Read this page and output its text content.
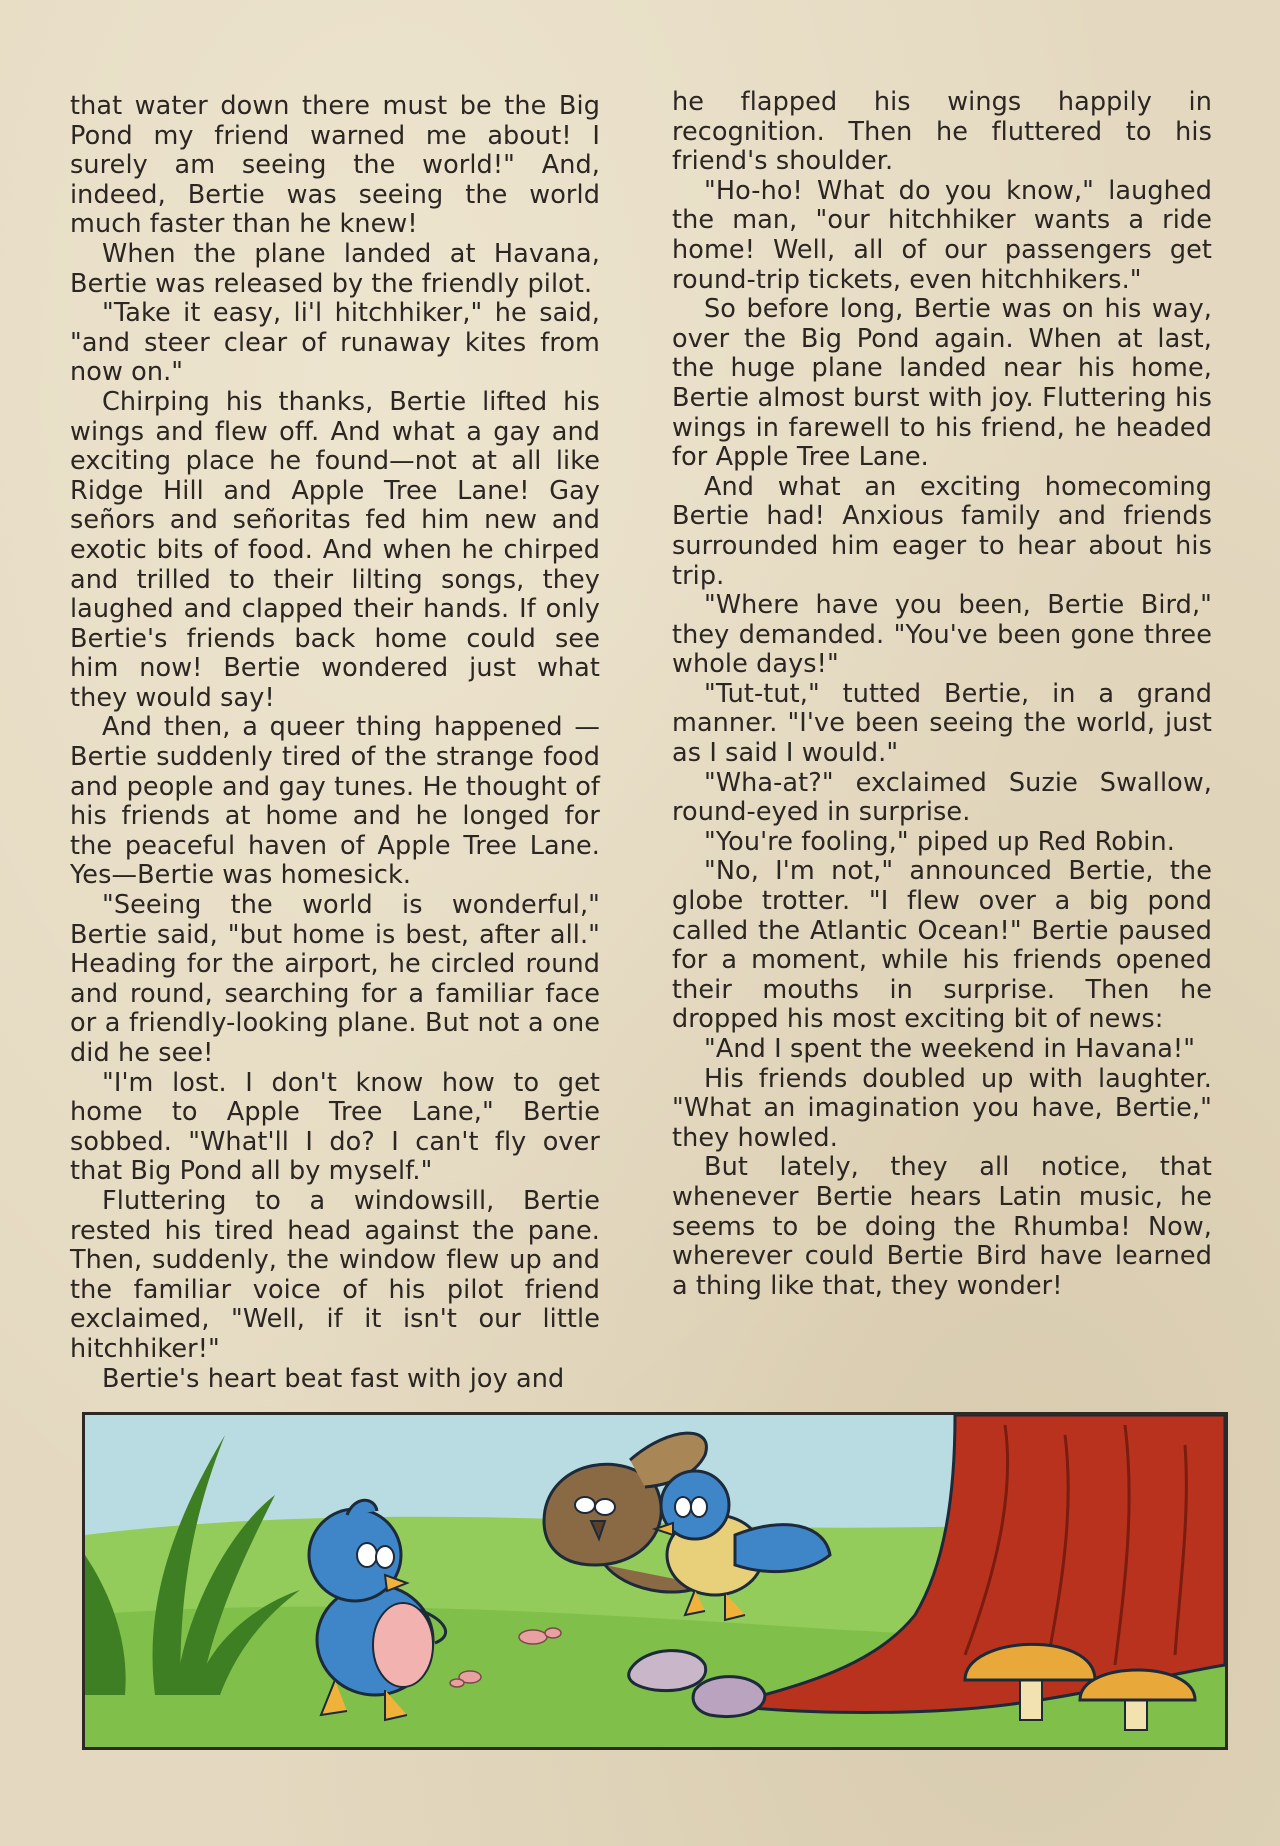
that water down there must be the Big Pond my friend warned me about! I surely am seeing the world!" And, indeed, Bertie was seeing the world much faster than he knew!

When the plane landed at Havana, Bertie was released by the friendly pilot.

"Take it easy, li'l hitchhiker," he said, "and steer clear of runaway kites from now on."

Chirping his thanks, Bertie lifted his wings and flew off. And what a gay and exciting place he found—not at all like Ridge Hill and Apple Tree Lane! Gay señors and señoritas fed him new and exotic bits of food. And when he chirped and trilled to their lilting songs, they laughed and clapped their hands. If only Bertie's friends back home could see him now! Bertie wondered just what they would say!

And then, a queer thing happened —Bertie suddenly tired of the strange food and people and gay tunes. He thought of his friends at home and he longed for the peaceful haven of Apple Tree Lane. Yes—Bertie was homesick.

"Seeing the world is wonderful," Bertie said, "but home is best, after all." Heading for the airport, he circled round and round, searching for a familiar face or a friendly-looking plane. But not a one did he see!

"I'm lost. I don't know how to get home to Apple Tree Lane," Bertie sobbed. "What'll I do? I can't fly over that Big Pond all by myself."

Fluttering to a windowsill, Bertie rested his tired head against the pane. Then, suddenly, the window flew up and the familiar voice of his pilot friend exclaimed, "Well, if it isn't our little hitchhiker!"

Bertie's heart beat fast with joy and

he flapped his wings happily in recognition. Then he fluttered to his friend's shoulder.

"Ho-ho! What do you know," laughed the man, "our hitchhiker wants a ride home! Well, all of our passengers get round-trip tickets, even hitchhikers."

So before long, Bertie was on his way, over the Big Pond again. When at last, the huge plane landed near his home, Bertie almost burst with joy. Fluttering his wings in farewell to his friend, he headed for Apple Tree Lane.

And what an exciting homecoming Bertie had! Anxious family and friends surrounded him eager to hear about his trip.

"Where have you been, Bertie Bird," they demanded. "You've been gone three whole days!"

"Tut-tut," tutted Bertie, in a grand manner. "I've been seeing the world, just as I said I would."

"Wha-at?" exclaimed Suzie Swallow, round-eyed in surprise.

"You're fooling," piped up Red Robin.

"No, I'm not," announced Bertie, the globe trotter. "I flew over a big pond called the Atlantic Ocean!" Bertie paused for a moment, while his friends opened their mouths in surprise. Then he dropped his most exciting bit of news:

"And I spent the weekend in Havana!"

His friends doubled up with laughter. "What an imagination you have, Bertie," they howled.

But lately, they all notice, that whenever Bertie hears Latin music, he seems to be doing the Rhumba! Now, wherever could Bertie Bird have learned a thing like that, they wonder!
